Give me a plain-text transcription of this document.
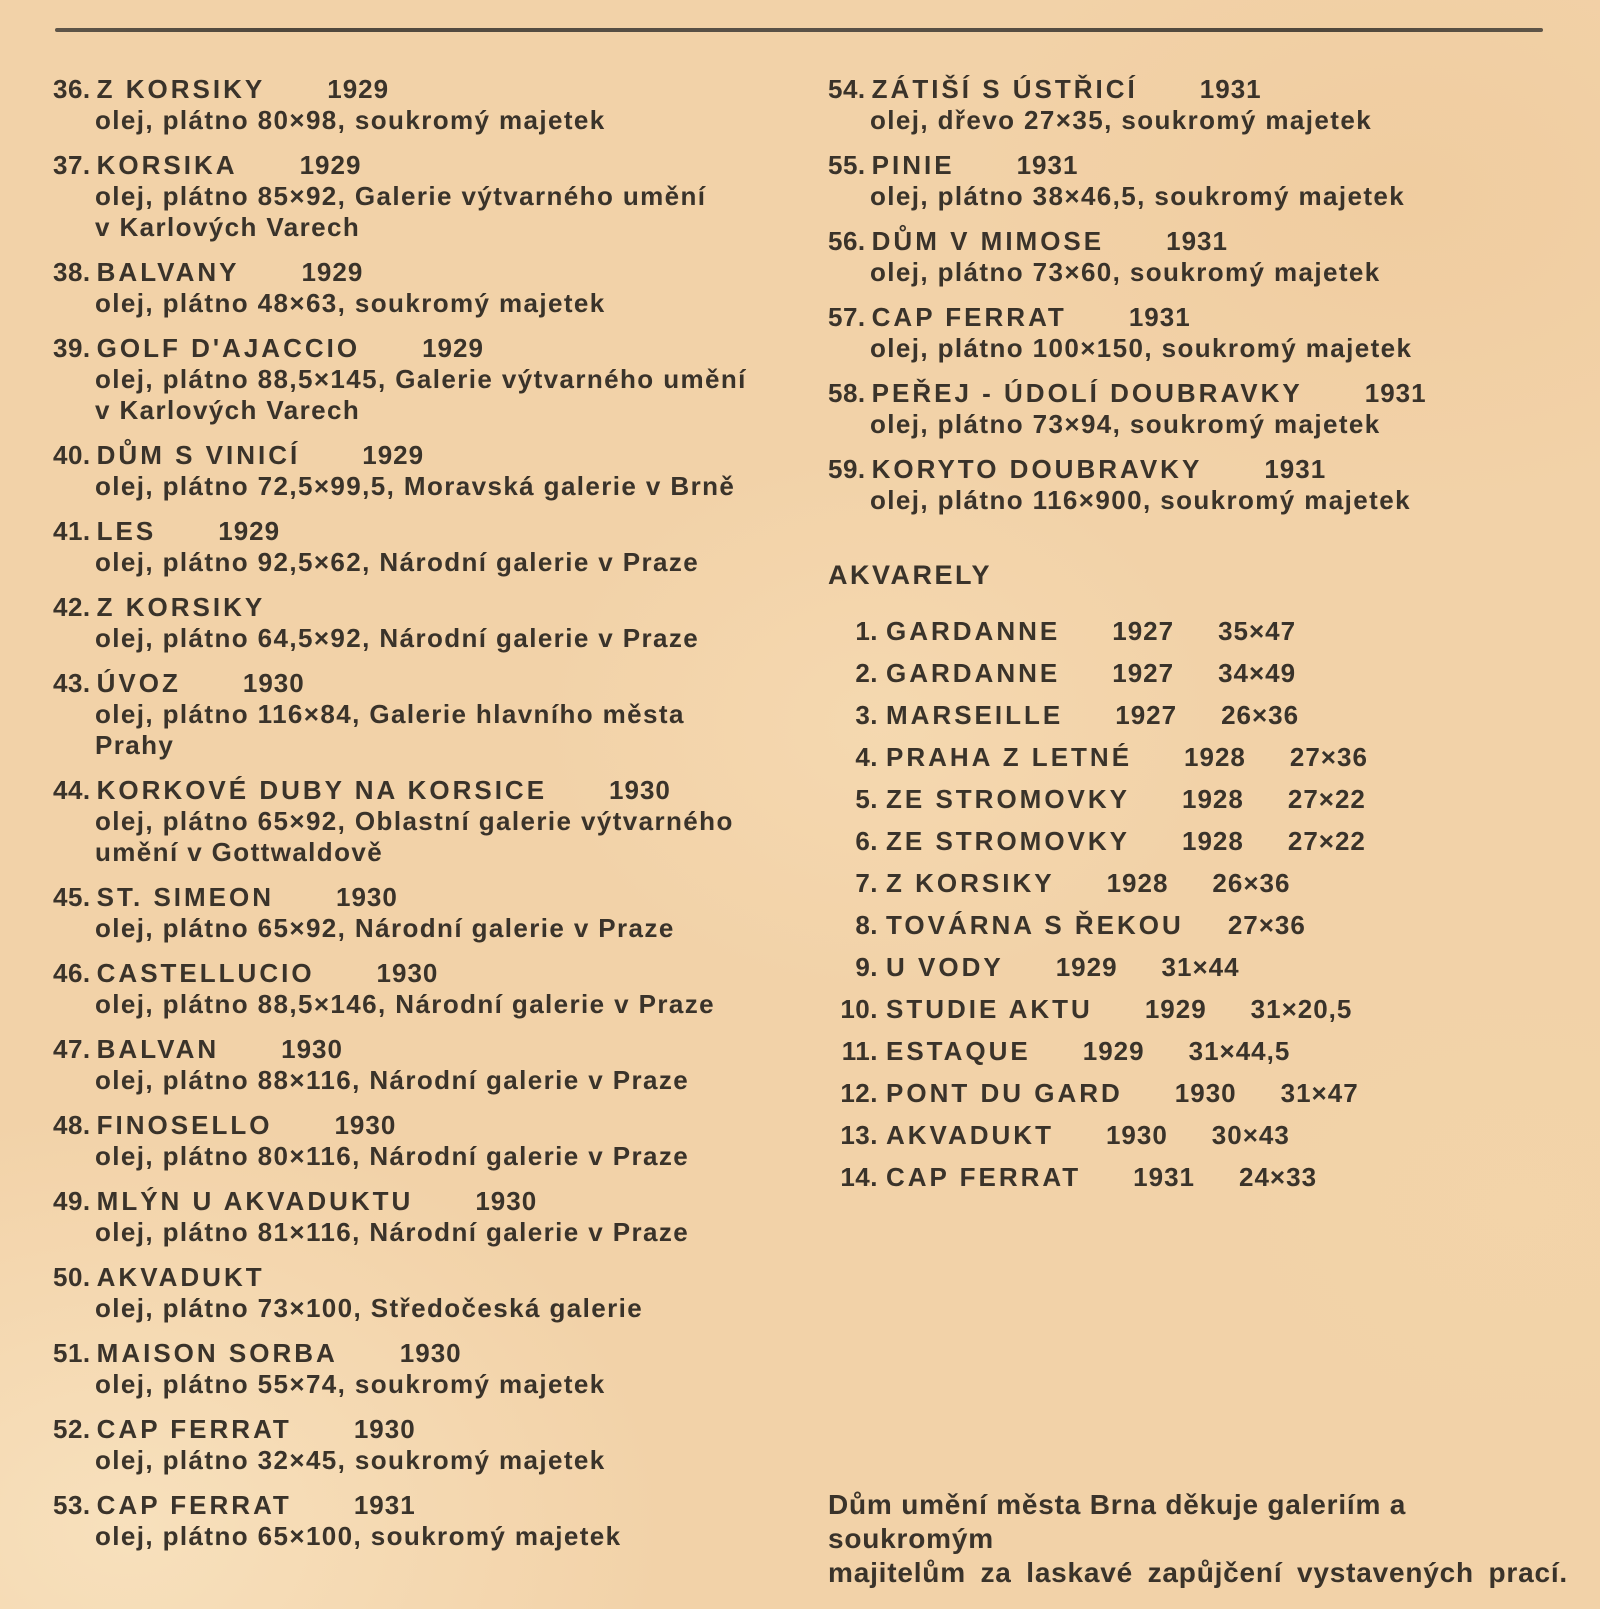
36. Z KORSIKY 1929
olej, plátno 80×98, soukromý majetek
37. KORSIKA 1929
olej, plátno 85×92, Galerie výtvarného umění
v Karlových Varech
38. BALVANY 1929
olej, plátno 48×63, soukromý majetek
39. GOLF D'AJACCIO 1929
olej, plátno 88,5×145, Galerie výtvarného umění
v Karlových Varech
40. DŮM S VINICÍ 1929
olej, plátno 72,5×99,5, Moravská galerie v Brně
41. LES 1929
olej, plátno 92,5×62, Národní galerie v Praze
42. Z KORSIKY
olej, plátno 64,5×92, Národní galerie v Praze
43. ÚVOZ 1930
olej, plátno 116×84, Galerie hlavního města
Prahy
44. KORKOVÉ DUBY NA KORSICE 1930
olej, plátno 65×92, Oblastní galerie výtvarného
umění v Gottwaldově
45. ST. SIMEON 1930
olej, plátno 65×92, Národní galerie v Praze
46. CASTELLUCIO 1930
olej, plátno 88,5×146, Národní galerie v Praze
47. BALVAN 1930
olej, plátno 88×116, Národní galerie v Praze
48. FINOSELLO 1930
olej, plátno 80×116, Národní galerie v Praze
49. MLÝN U AKVADUKTU 1930
olej, plátno 81×116, Národní galerie v Praze
50. AKVADUKT
olej, plátno 73×100, Středočeská galerie
51. MAISON SORBA 1930
olej, plátno 55×74, soukromý majetek
52. CAP FERRAT 1930
olej, plátno 32×45, soukromý majetek
53. CAP FERRAT 1931
olej, plátno 65×100, soukromý majetek
54. ZÁTIŠÍ S ÚSTŘICÍ 1931
olej, dřevo 27×35, soukromý majetek
55. PINIE 1931
olej, plátno 38×46,5, soukromý majetek
56. DŮM V MIMOSE 1931
olej, plátno 73×60, soukromý majetek
57. CAP FERRAT 1931
olej, plátno 100×150, soukromý majetek
58. PEŘEJ - ÚDOLÍ DOUBRAVKY 1931
olej, plátno 73×94, soukromý majetek
59. KORYTO DOUBRAVKY 1931
olej, plátno 116×900, soukromý majetek
AKVARELY
1. GARDANNE 1927 35×47
2. GARDANNE 1927 34×49
3. MARSEILLE 1927 26×36
4. PRAHA Z LETNÉ 1928 27×36
5. ZE STROMOVKY 1928 27×22
6. ZE STROMOVKY 1928 27×22
7. Z KORSIKY 1928 26×36
8. TOVÁRNA S ŘEKOU 27×36
9. U VODY 1929 31×44
10. STUDIE AKTU 1929 31×20,5
11. ESTAQUE 1929 31×44,5
12. PONT DU GARD 1930 31×47
13. AKVADUKT 1930 30×43
14. CAP FERRAT 1931 24×33
Dům umění města Brna děkuje galeriím a soukromým
majitelům za laskavé zapůjčení vystavených prací.
